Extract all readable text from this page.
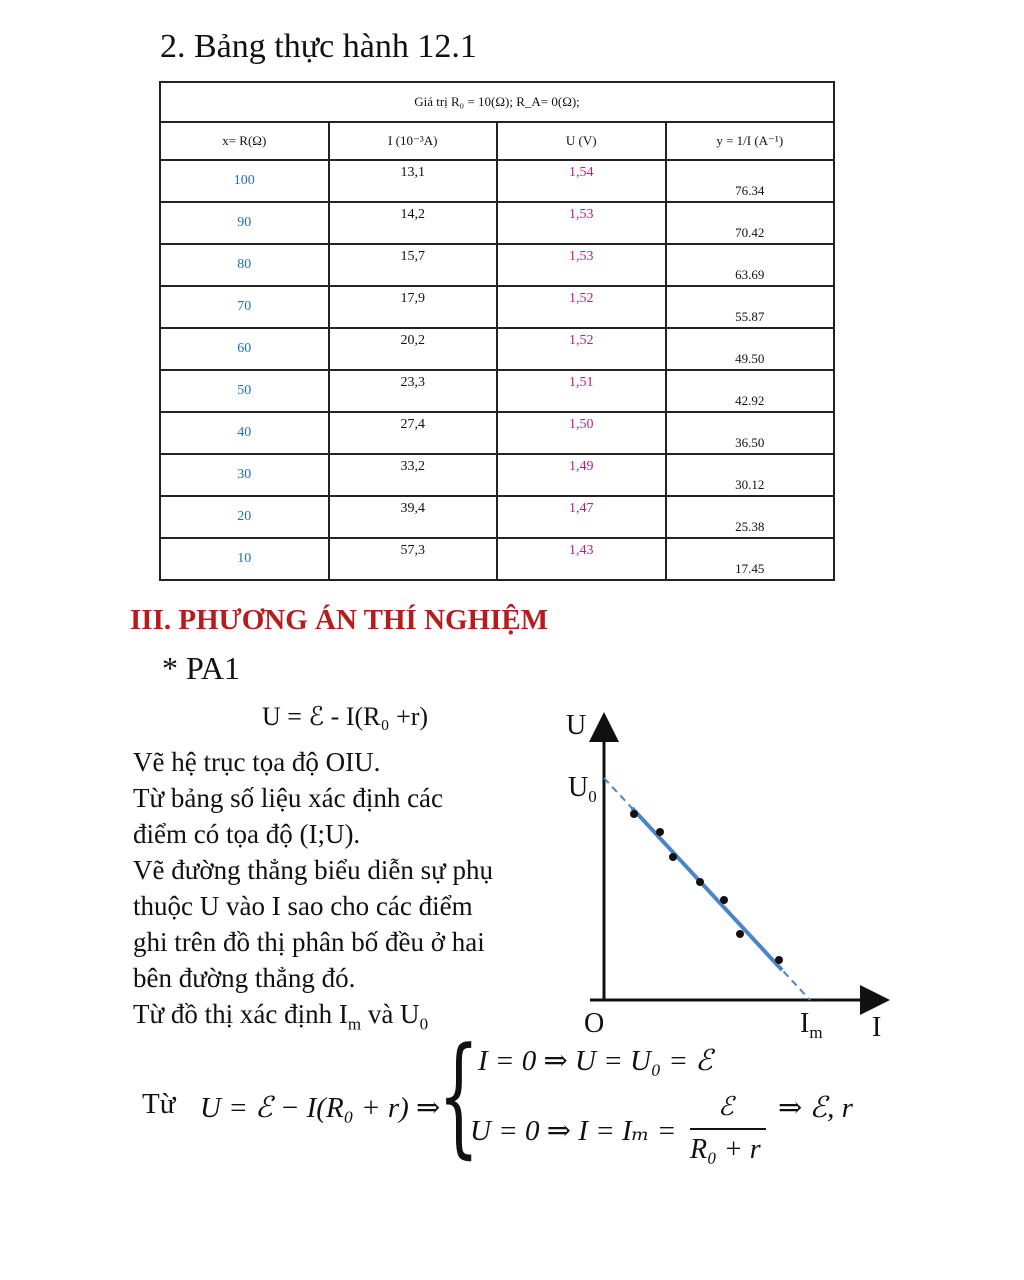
2. Bảng thực hành 12.1
Giá trị R₀ = 10(Ω); R_A= 0(Ω);			
x= R(Ω)	I (10⁻³A)	U (V)	y = 1/I (A⁻¹)
100	13,1	1,54	76.34
90	14,2	1,53	70.42
80	15,7	1,53	63.69
70	17,9	1,52	55.87
60	20,2	1,52	49.50
50	23,3	1,51	42.92
40	27,4	1,50	36.50
30	33,2	1,49	30.12
20	39,4	1,47	25.38
10	57,3	1,43	17.45
III. PHƯƠNG ÁN THÍ NGHIỆM
* PA1
U = ℰ - I(R₀ +r)
Vẽ hệ trục tọa độ OIU.
Từ bảng số liệu xác định các
điểm có tọa độ (I;U).
Vẽ đường thẳng biểu diễn sự phụ
thuộc U vào I sao cho các điểm
ghi trên đồ thị phân bố đều ở hai
bên đường thẳng đó.
Từ đồ thị xác định $I_m$ và $U_0$
U
$U_0$
O	$I_m$ I
Từ U = ℰ − I(R₀ + r) ⇒
{
I = 0 ⇒ U = U₀ = ℰ
U = 0 ⇒ I = Iₘ =
ℰ
R₀ + r
⇒ ℰ, r
